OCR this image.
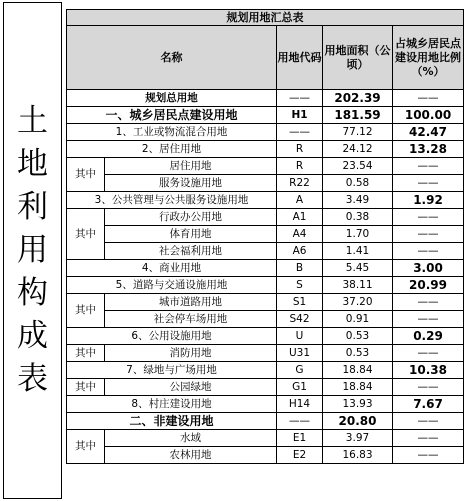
土
地
利
用
构
成
表
规划用地汇总表				
名称		用地代码	用地面积（公顷）	占城乡居民点建设用地比例（%）
规划总用地		——	202.39	——
一、城乡居民点建设用地		H1	181.59	100.00
1、工业或物流混合用地		——	77.12	42.47
2、居住用地		R	24.12	13.28
其中	居住用地	R	23.54	——
	服务设施用地	R22	0.58	——
3、公共管理与公共服务设施用地		A	3.49	1.92
其中	行政办公用地	A1	0.38	——
	体育用地	A4	1.70	——
	社会福利用地	A6	1.41	——
4、商业用地		B	5.45	3.00
5、道路与交通设施用地		S	38.11	20.99
其中	城市道路用地	S1	37.20	——
	社会停车场用地	S42	0.91	——
6、公用设施用地		U	0.53	0.29
其中	消防用地	U31	0.53	——
7、绿地与广场用地		G	18.84	10.38
其中	公园绿地	G1	18.84	——
8、村庄建设用地		H14	13.93	7.67
二、非建设用地		——	20.80	——
其中	水域	E1	3.97	——
	农林用地	E2	16.83	——
